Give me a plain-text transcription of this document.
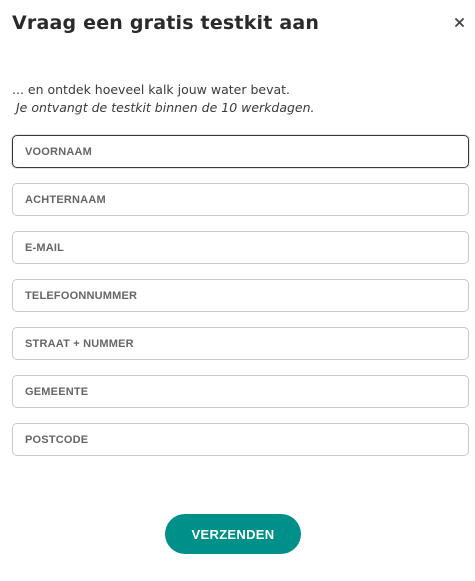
Vraag een gratis testkit aan

... en ontdek hoeveel kalk jouw water bevat.

Je ontvangt de testkit binnen de 10 werkdagen.

VOORNAAM
ACHTERNAAM
E-MAIL
TELEFOONNUMMER
STRAAT + NUMMER
GEMEENTE
POSTCODE
VERZENDEN
